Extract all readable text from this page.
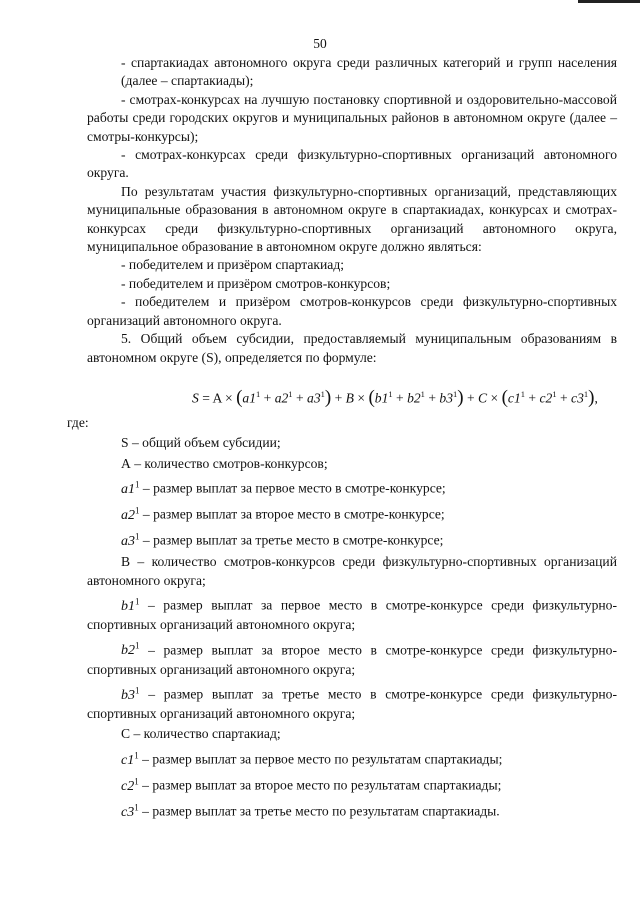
50

- спартакиадах автономного округа среди различных категорий и групп населения (далее – спартакиады);

- смотрах-конкурсах на лучшую постановку спортивной и оздоровительно-массовой работы среди городских округов и муниципальных районов в автономном округе (далее – смотры-конкурсы);

- смотрах-конкурсах среди физкультурно-спортивных организаций автономного округа.

По результатам участия физкультурно-спортивных организаций, представляющих муниципальные образования в автономном округе в спартакиадах, конкурсах и смотрах-конкурсах среди физкультурно-спортивных организаций автономного округа, муниципальное образование в автономном округе должно являться:

- победителем и призёром спартакиад;

- победителем и призёром смотров-конкурсов;

- победителем и призёром смотров-конкурсов среди физкультурно-спортивных организаций автономного округа.

5. Общий объем субсидии, предоставляемый муниципальным образованиям в автономном округе (S), определяется по формуле:

$S = A \times (a1^1 + a2^1 + a3^1) + B \times (b1^1 + b2^1 + b3^1) + C \times (c1^1 + c2^1 + c3^1)$,

где:

S – общий объем субсидии;

А – количество смотров-конкурсов;

$a1^1$ – размер выплат за первое место в смотре-конкурсе;

$a2^1$ – размер выплат за второе место в смотре-конкурсе;

$a3^1$ – размер выплат за третье место в смотре-конкурсе;

В – количество смотров-конкурсов среди физкультурно-спортивных организаций автономного округа;

$b1^1$ – размер выплат за первое место в смотре-конкурсе среди физкультурно-спортивных организаций автономного округа;

$b2^1$ – размер выплат за второе место в смотре-конкурсе среди физкультурно-спортивных организаций автономного округа;

$b3^1$ – размер выплат за третье место в смотре-конкурсе среди физкультурно-спортивных организаций автономного округа;

С – количество спартакиад;

$c1^1$ – размер выплат за первое место по результатам спартакиады;

$c2^1$ – размер выплат за второе место по результатам спартакиады;

$c3^1$ – размер выплат за третье место по результатам спартакиады.
